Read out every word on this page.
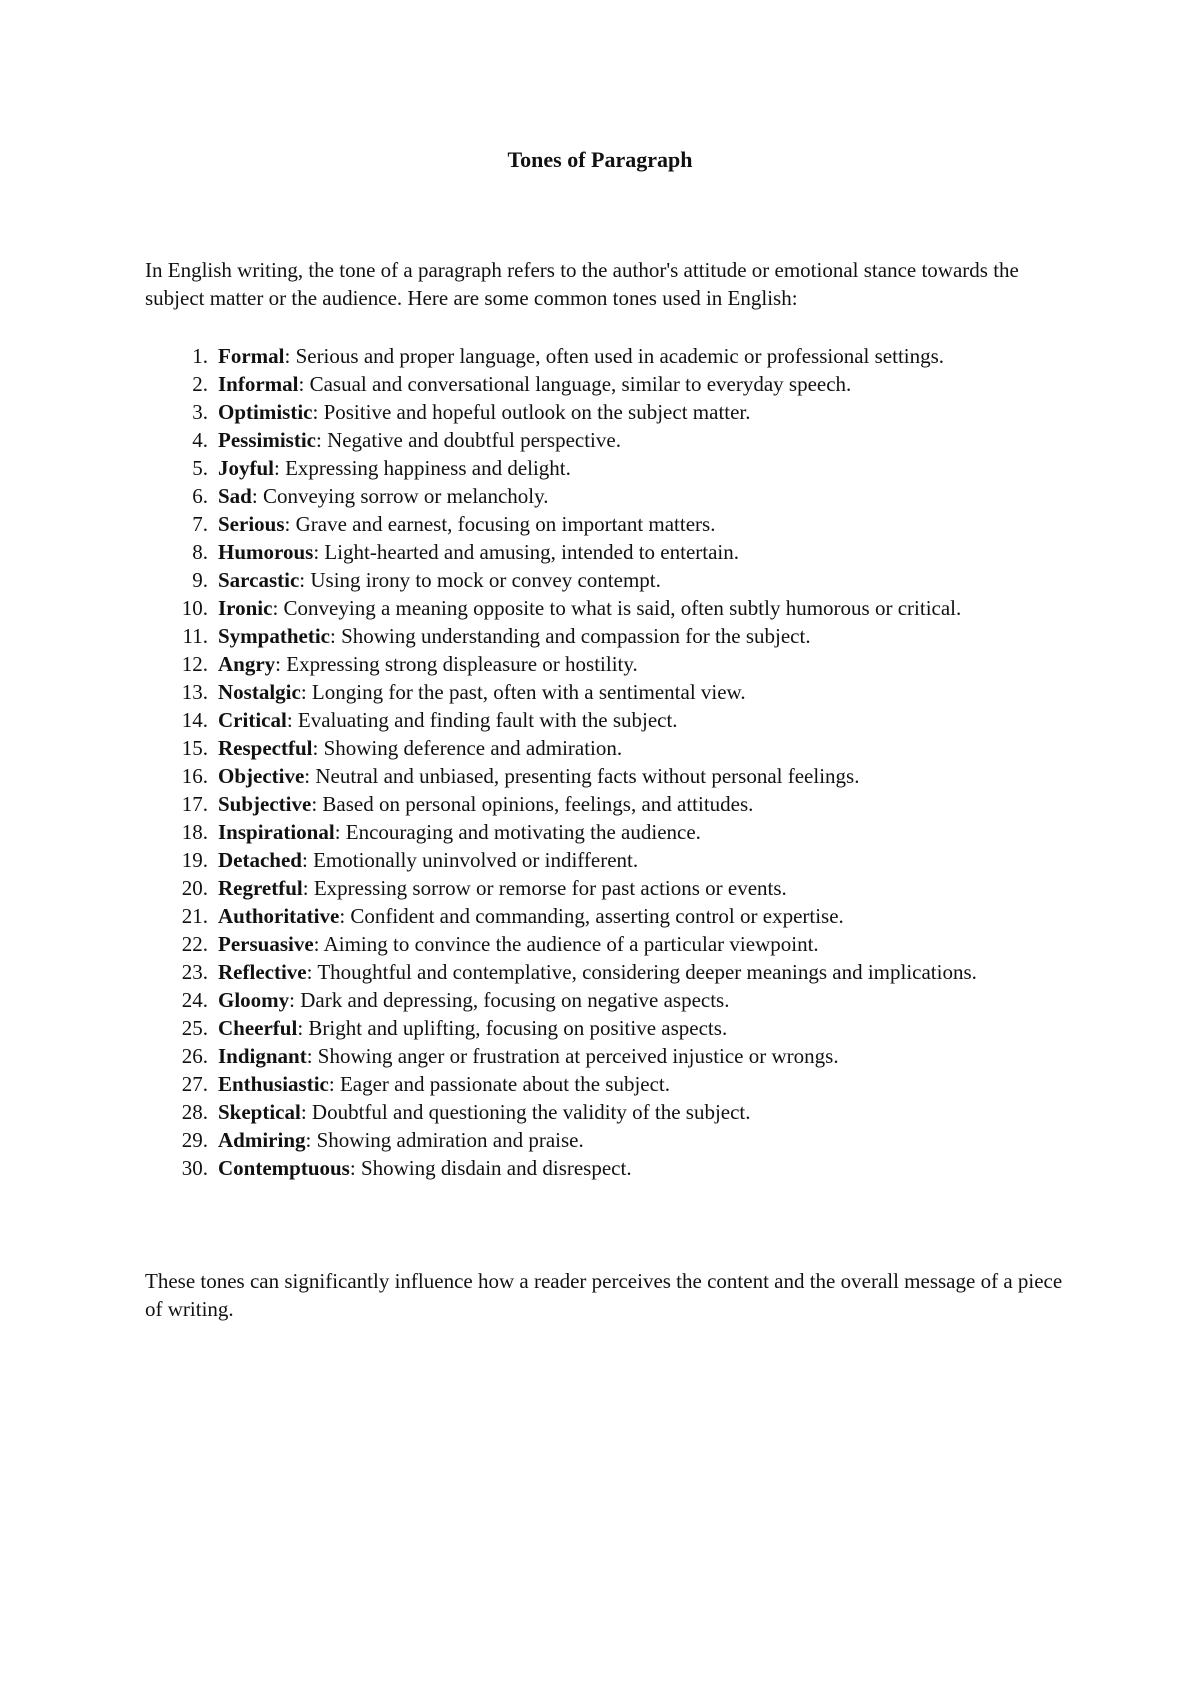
Tones of Paragraph

In English writing, the tone of a paragraph refers to the author's attitude or emotional stance towards the subject matter or the audience. Here are some common tones used in English:

1. Formal: Serious and proper language, often used in academic or professional settings.
2. Informal: Casual and conversational language, similar to everyday speech.
3. Optimistic: Positive and hopeful outlook on the subject matter.
4. Pessimistic: Negative and doubtful perspective.
5. Joyful: Expressing happiness and delight.
6. Sad: Conveying sorrow or melancholy.
7. Serious: Grave and earnest, focusing on important matters.
8. Humorous: Light-hearted and amusing, intended to entertain.
9. Sarcastic: Using irony to mock or convey contempt.
10. Ironic: Conveying a meaning opposite to what is said, often subtly humorous or critical.
11. Sympathetic: Showing understanding and compassion for the subject.
12. Angry: Expressing strong displeasure or hostility.
13. Nostalgic: Longing for the past, often with a sentimental view.
14. Critical: Evaluating and finding fault with the subject.
15. Respectful: Showing deference and admiration.
16. Objective: Neutral and unbiased, presenting facts without personal feelings.
17. Subjective: Based on personal opinions, feelings, and attitudes.
18. Inspirational: Encouraging and motivating the audience.
19. Detached: Emotionally uninvolved or indifferent.
20. Regretful: Expressing sorrow or remorse for past actions or events.
21. Authoritative: Confident and commanding, asserting control or expertise.
22. Persuasive: Aiming to convince the audience of a particular viewpoint.
23. Reflective: Thoughtful and contemplative, considering deeper meanings and implications.
24. Gloomy: Dark and depressing, focusing on negative aspects.
25. Cheerful: Bright and uplifting, focusing on positive aspects.
26. Indignant: Showing anger or frustration at perceived injustice or wrongs.
27. Enthusiastic: Eager and passionate about the subject.
28. Skeptical: Doubtful and questioning the validity of the subject.
29. Admiring: Showing admiration and praise.
30. Contemptuous: Showing disdain and disrespect.

These tones can significantly influence how a reader perceives the content and the overall message of a piece of writing.
